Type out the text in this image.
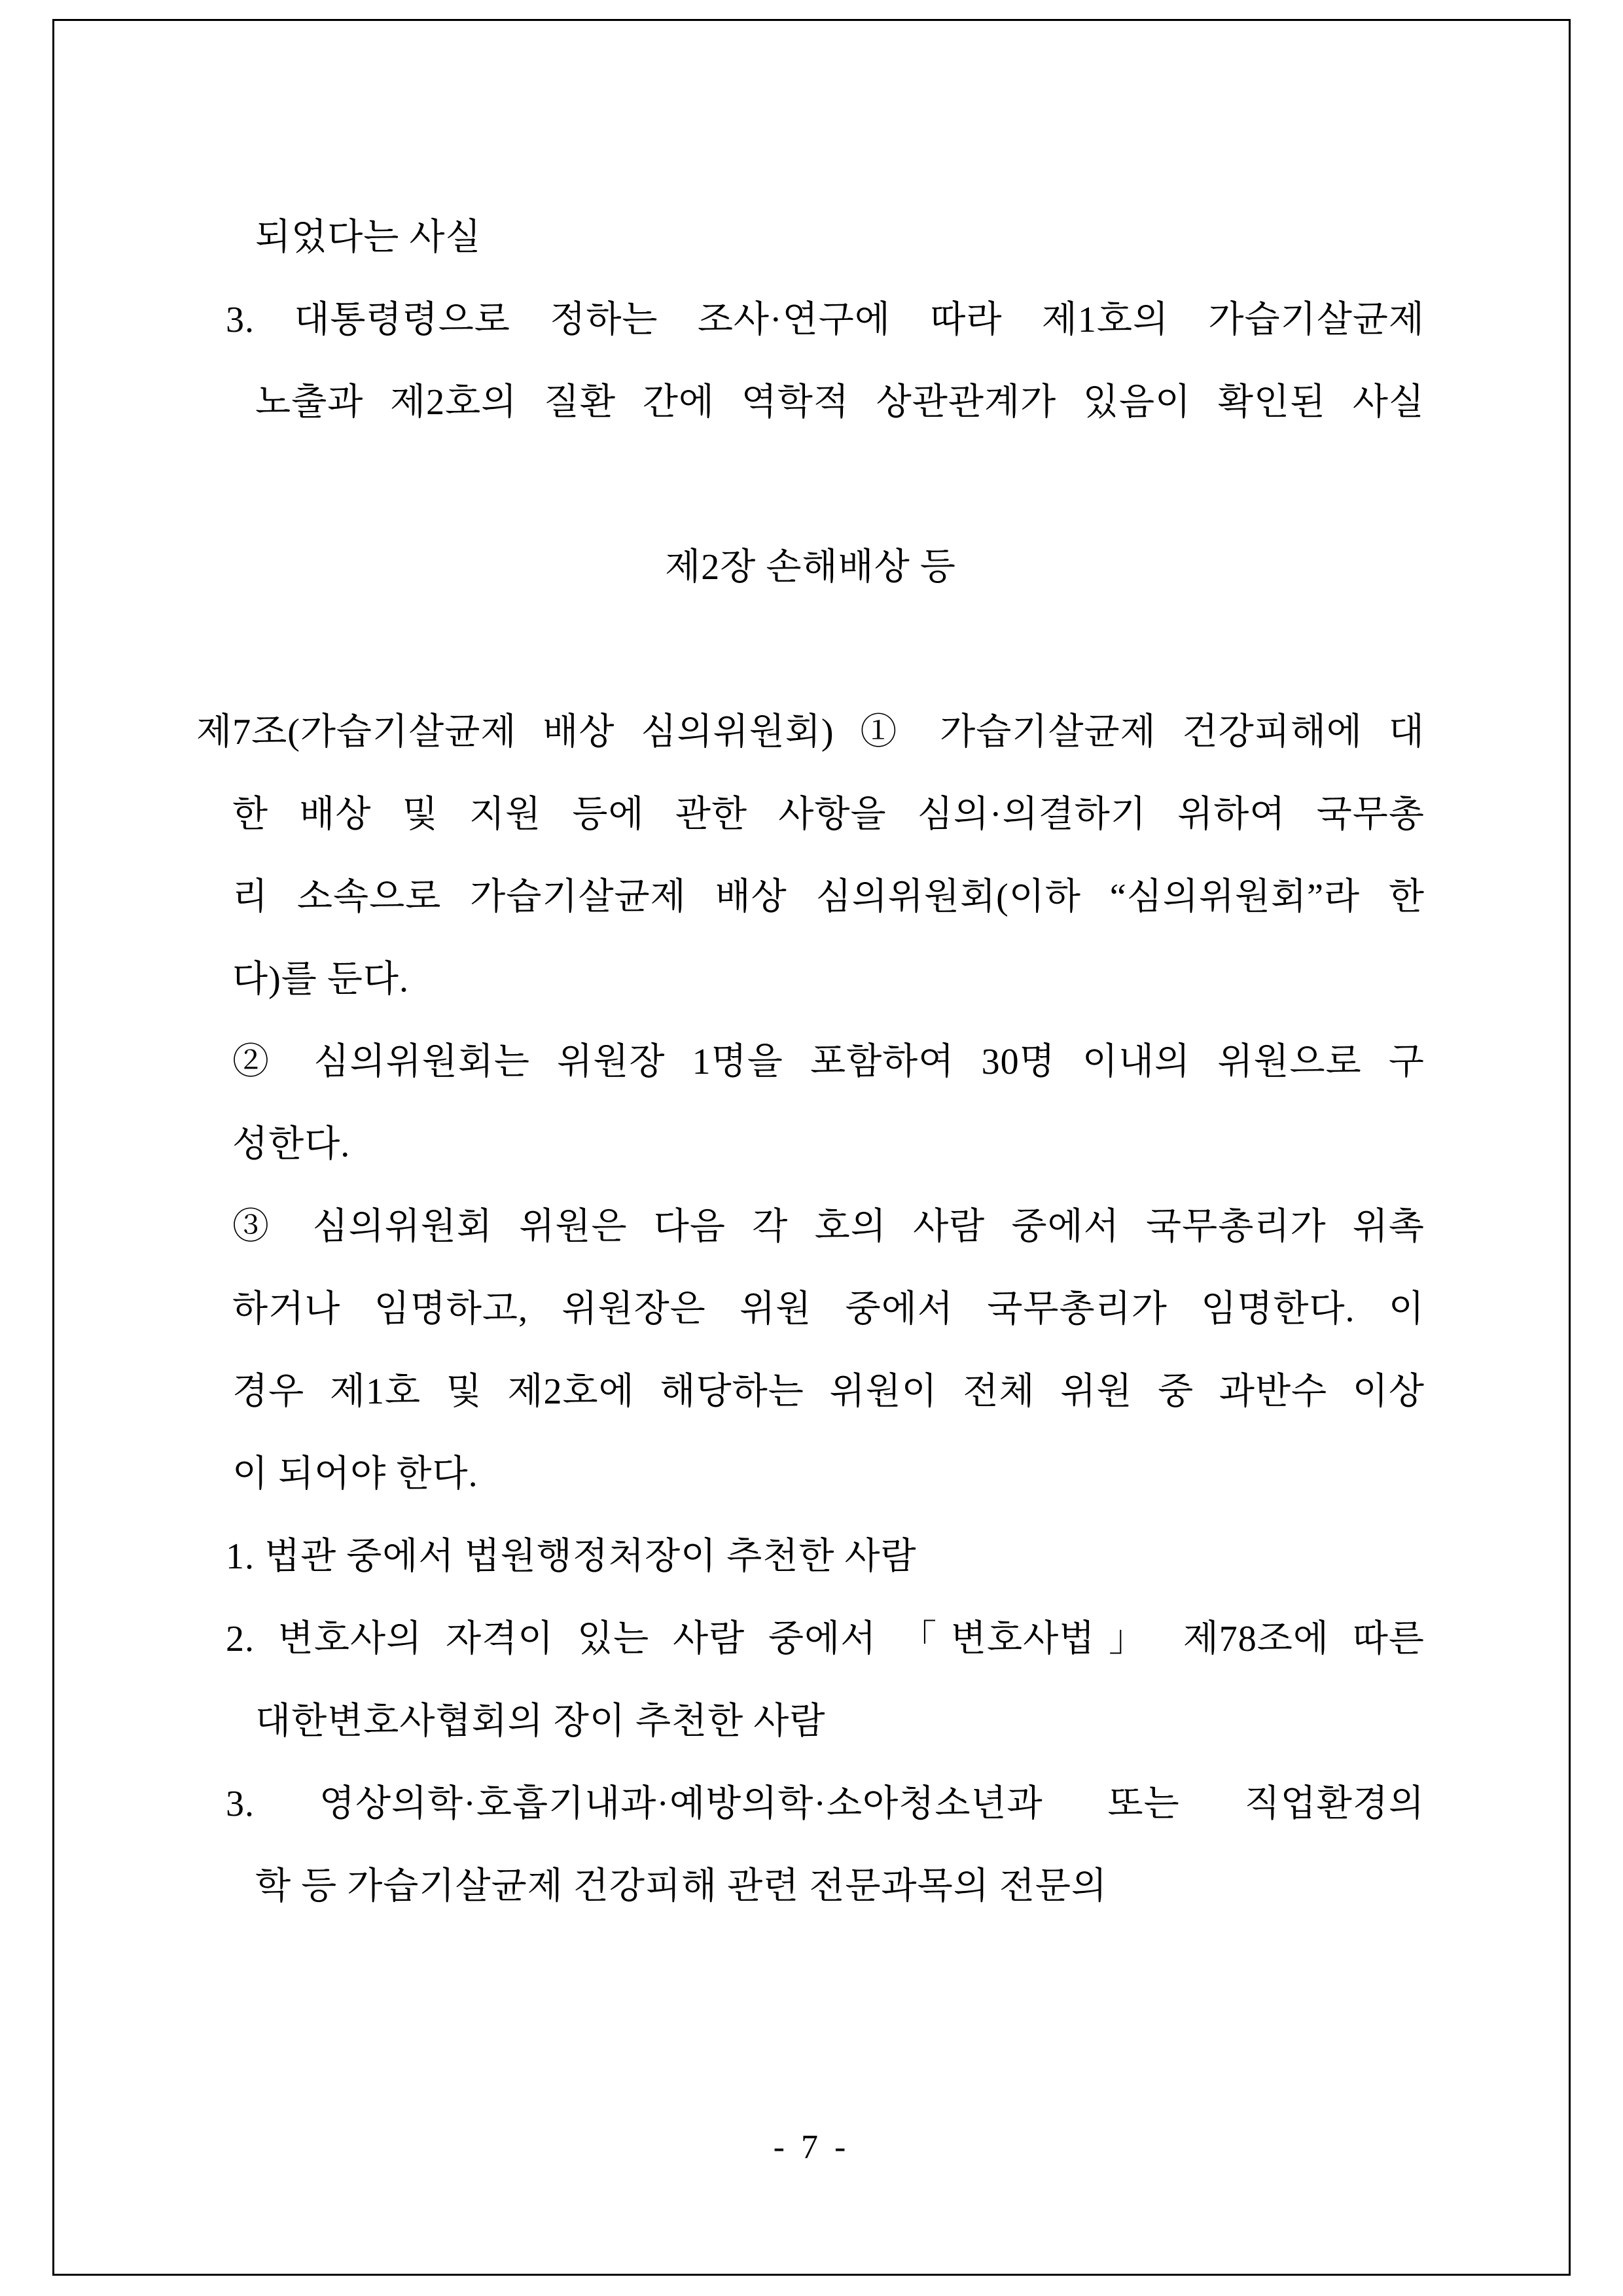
되었다는 사실
3. 대통령령으로 정하는 조사·연구에 따라 제1호의 가습기살균제
노출과 제2호의 질환 간에 역학적 상관관계가 있음이 확인된 사실
제2장 손해배상 등
제7조(가습기살균제 배상 심의위원회) ① 가습기살균제 건강피해에 대
한 배상 및 지원 등에 관한 사항을 심의·의결하기 위하여 국무총
리 소속으로 가습기살균제 배상 심의위원회(이하 “심의위원회”라 한
다)를 둔다.
② 심의위원회는 위원장 1명을 포함하여 30명 이내의 위원으로 구
성한다.
③ 심의위원회 위원은 다음 각 호의 사람 중에서 국무총리가 위촉
하거나 임명하고, 위원장은 위원 중에서 국무총리가 임명한다. 이
경우 제1호 및 제2호에 해당하는 위원이 전체 위원 중 과반수 이상
이 되어야 한다.
1. 법관 중에서 법원행정처장이 추천한 사람
2. 변호사의 자격이 있는 사람 중에서 「변호사법」 제78조에 따른
대한변호사협회의 장이 추천한 사람
3. 영상의학·호흡기내과·예방의학·소아청소년과 또는 직업환경의
학 등 가습기살균제 건강피해 관련 전문과목의 전문의
- 7 -
